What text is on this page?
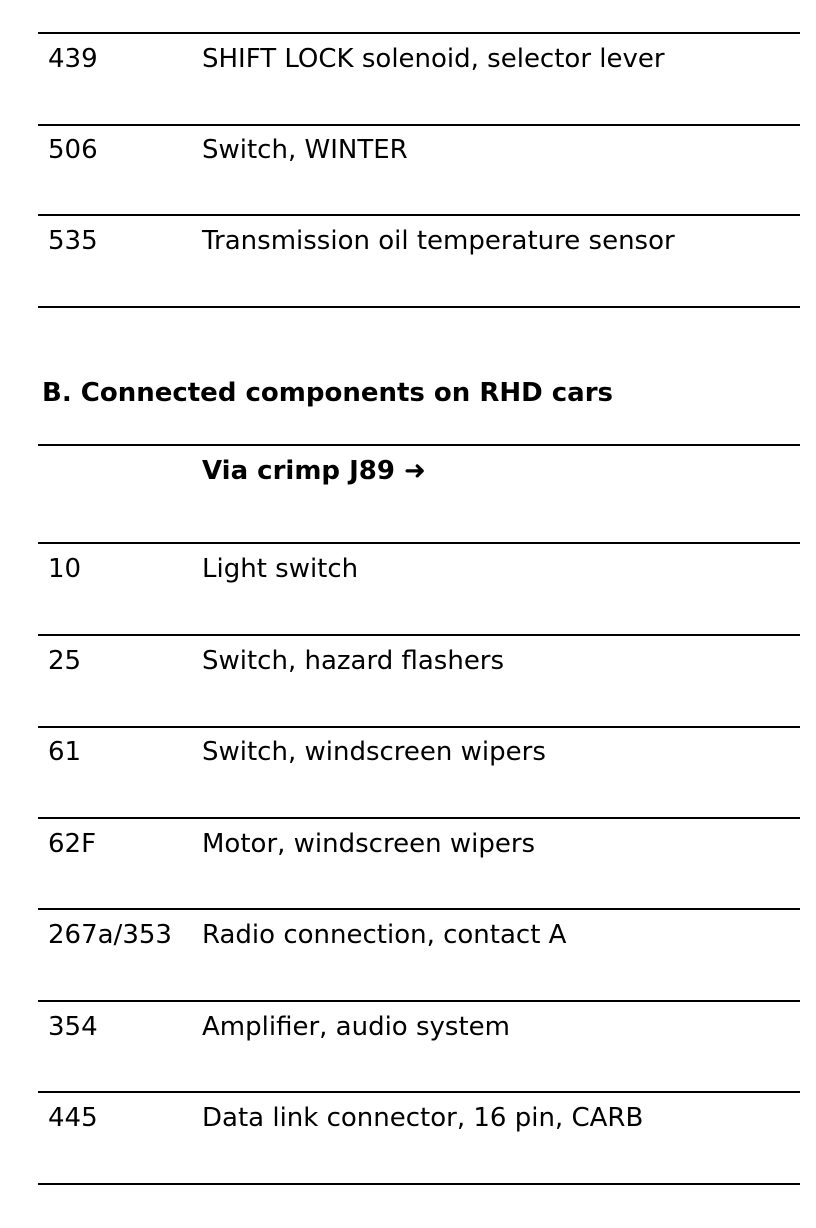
439	SHIFT LOCK solenoid, selector lever
506	Switch, WINTER
535	Transmission oil temperature sensor
B. Connected components on RHD cars
Via crimp J89 ➜
10	Light switch
25	Switch, hazard flashers
61	Switch, windscreen wipers
62F	Motor, windscreen wipers
267a/353 Radio connection, contact A
354	Amplifier, audio system
445	Data link connector, 16 pin, CARB
